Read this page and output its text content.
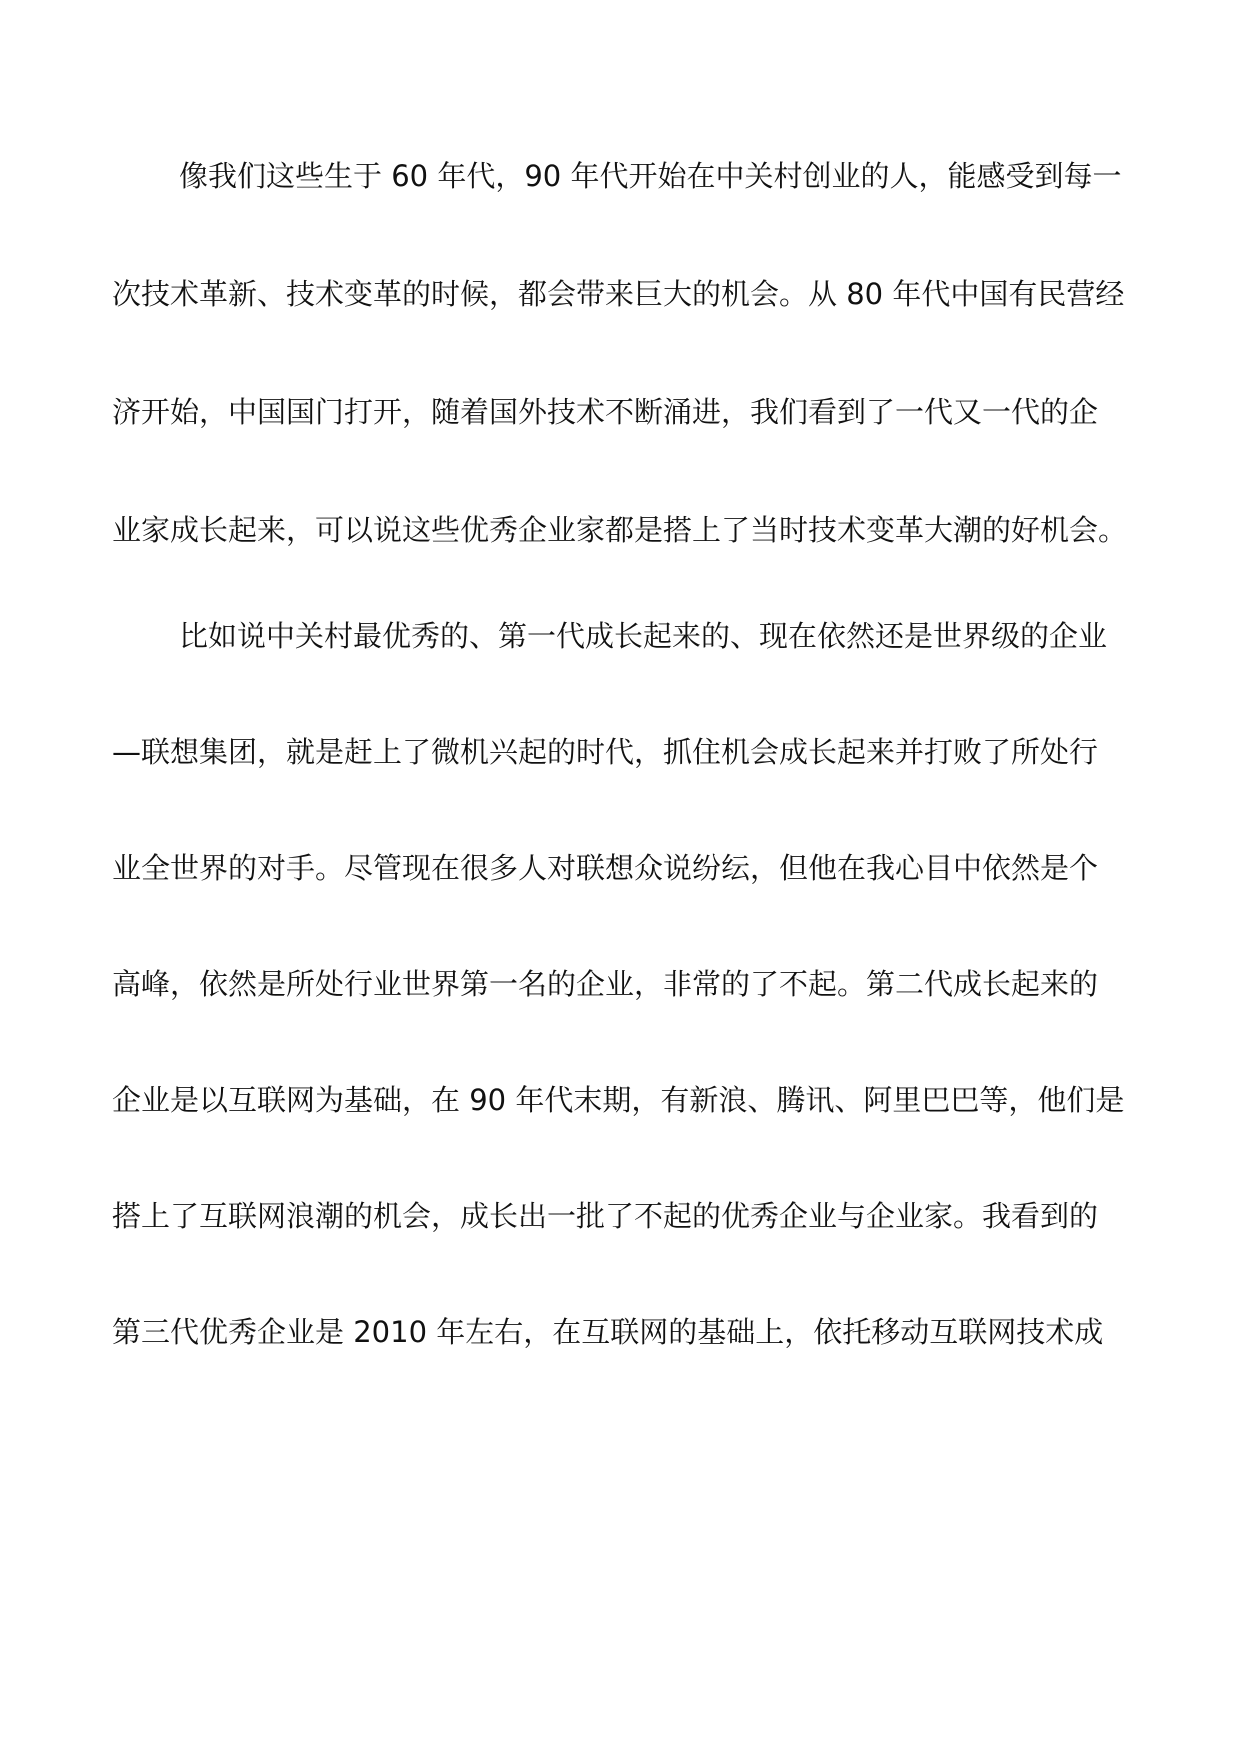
像我们这些生于 60 年代，90 年代开始在中关村创业的人，能感受到每一
次技术革新、技术变革的时候，都会带来巨大的机会。从 80 年代中国有民营经
济开始，中国国门打开，随着国外技术不断涌进，我们看到了一代又一代的企
业家成长起来，可以说这些优秀企业家都是搭上了当时技术变革大潮的好机会。
比如说中关村最优秀的、第一代成长起来的、现在依然还是世界级的企业
—联想集团，就是赶上了微机兴起的时代，抓住机会成长起来并打败了所处行
业全世界的对手。尽管现在很多人对联想众说纷纭，但他在我心目中依然是个
高峰，依然是所处行业世界第一名的企业，非常的了不起。第二代成长起来的
企业是以互联网为基础，在 90 年代末期，有新浪、腾讯、阿里巴巴等，他们是
搭上了互联网浪潮的机会，成长出一批了不起的优秀企业与企业家。我看到的
第三代优秀企业是 2010 年左右，在互联网的基础上，依托移动互联网技术成
